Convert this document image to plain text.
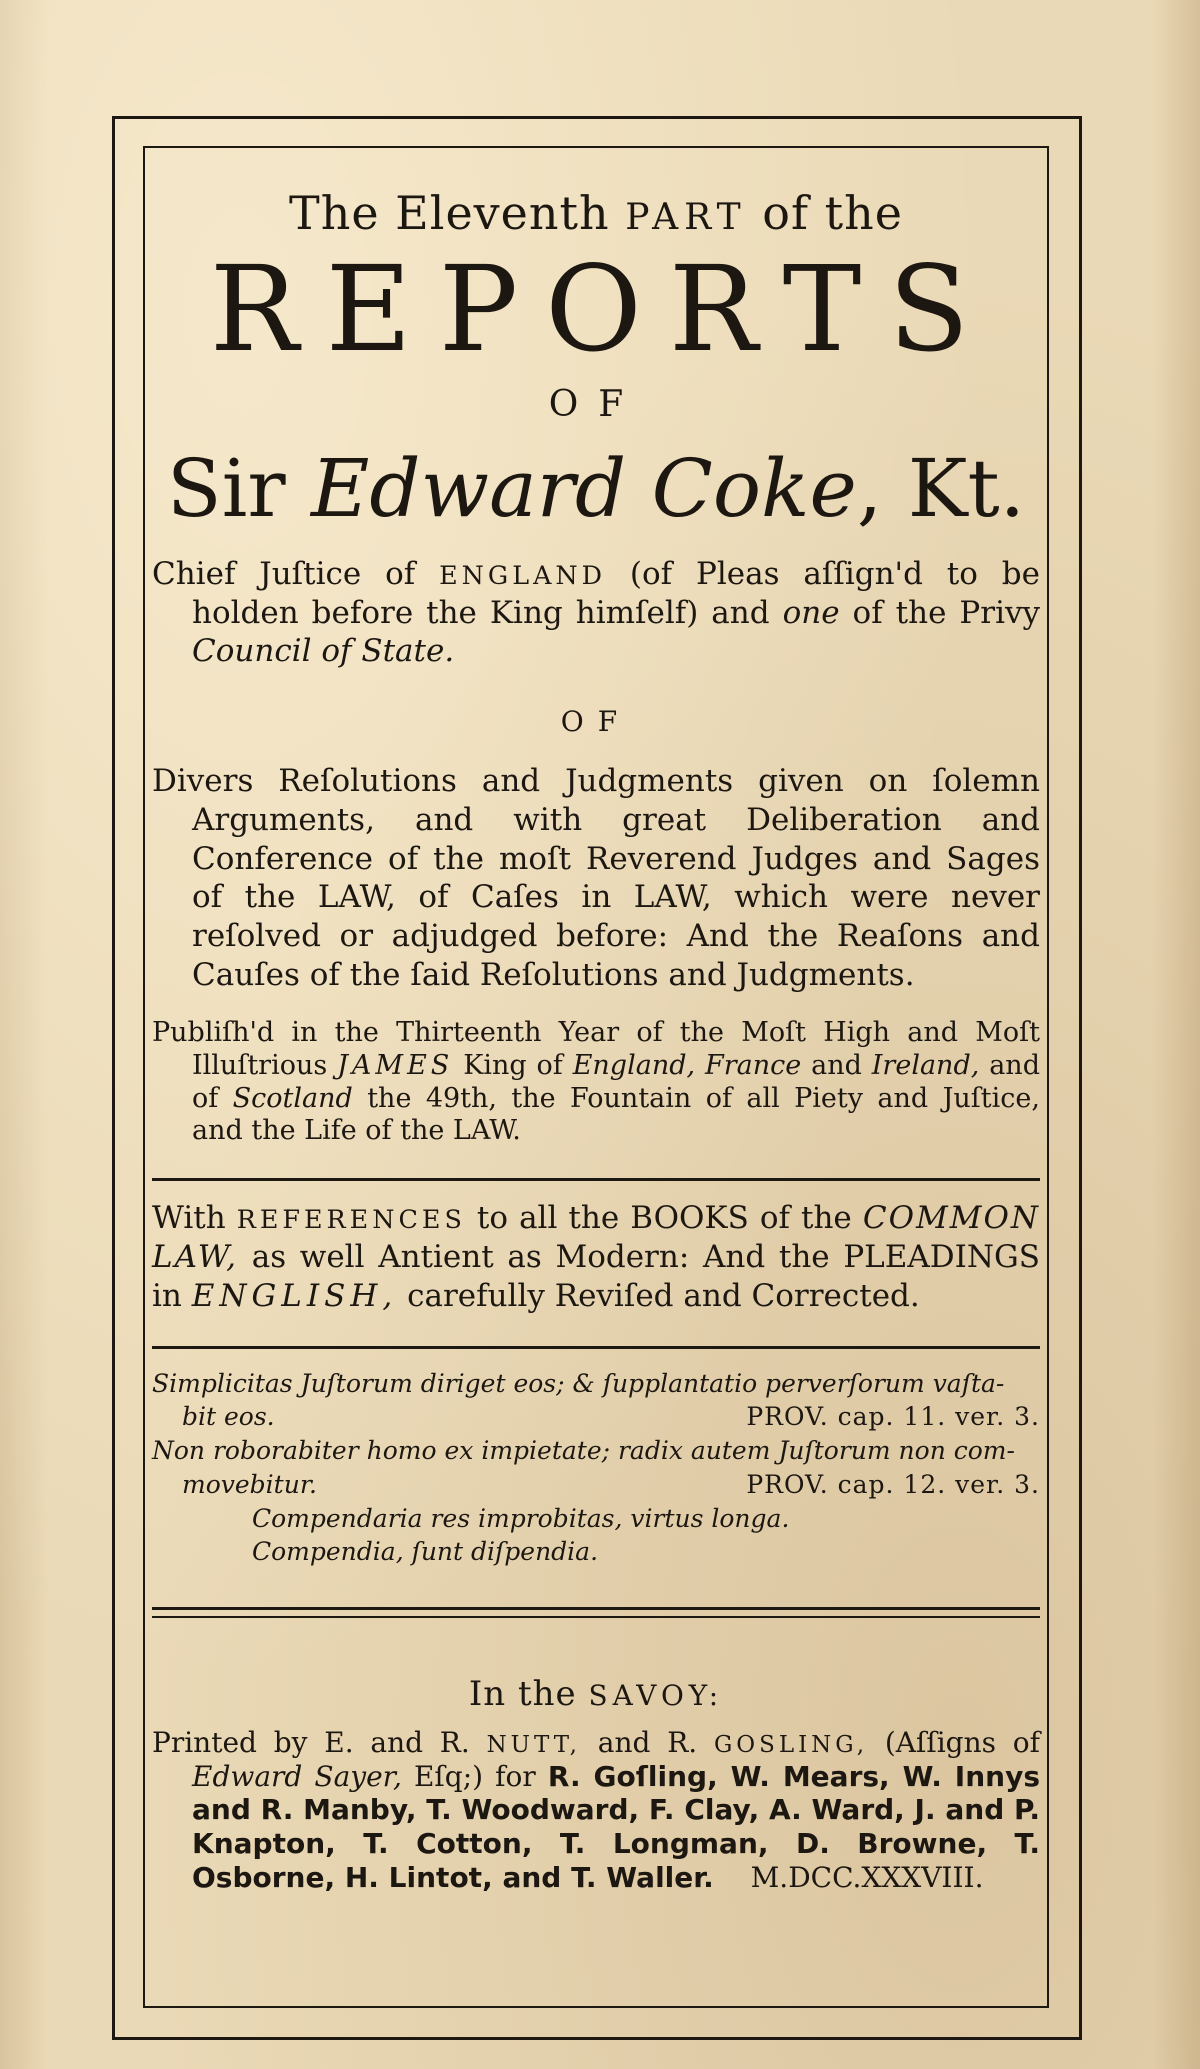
The Eleventh PART of the

REPORTS

OF

Sir Edward Coke, Kt.

Chief Juſtice of ENGLAND (of Pleas aſſign'd to be holden before the King himſelf) and one of the Privy Council of State.

OF

Divers Reſolutions and Judgments given on ſolemn Arguments, and with great Deliberation and Conference of the moſt Reverend Judges and Sages of the LAW, of Caſes in LAW, which were never reſolved or adjudged before: And the Reaſons and Cauſes of the ſaid Reſolutions and Judgments.

Publiſh'd in the Thirteenth Year of the Moſt High and Moſt Illuſtrious JAMES King of England, France and Ireland, and of Scotland the 49th, the Fountain of all Piety and Juſtice, and the Life of the LAW.

With REFERENCES to all the BOOKS of the COMMON LAW, as well Antient as Modern: And the PLEADINGS in ENGLISH, carefully Reviſed and Corrected.

Simplicitas Juſtorum diriget eos; & ſupplantatio perverſorum vaſta-
bit eos.	PROV. cap. 11. ver. 3.
Non roborabiter homo ex impietate; radix autem Juſtorum non com-
movebitur.	PROV. cap. 12. ver. 3.
Compendaria res improbitas, virtus longa.
Compendia, ſunt diſpendia.

In the SAVOY:

Printed by E. and R. NUTT, and R. GOSLING, (Aſſigns of Edward Sayer, Eſq;) for R. Goſling, W. Mears, W. Innys and R. Manby, T. Woodward, F. Clay, A. Ward, J. and P. Knapton, T. Cotton, T. Longman, D. Browne, T. Osborne, H. Lintot, and T. Waller. M.DCC.XXXVIII.
